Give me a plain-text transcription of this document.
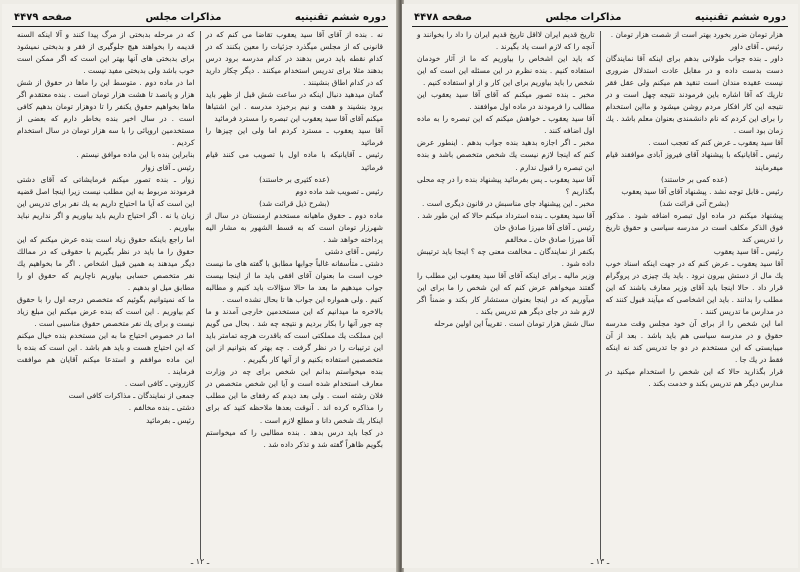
دوره ششم تقنينيه
مذاكرات مجلس
صفحه ۴۴۷۹

نه . بنده از آقای آقا سید يعقوب تقاضا می کنم كه در قانونی كه از مجلس ميگذرد جزئيات را معين بكنند كه در كدام نقطه بايد درس بدهند در كدام مدرسه برود درس بدهند مثلا برای تدريس استخدام ميكنند . ديگر چكار داريد كه در كدام اطاق بنشينند .

گمان ميدهيد دنبال اينكه در ساعت شش قبل از ظهر بايد برود بنشيند و هفت و نيم برخيزد مدرسه . اين اشتباها ميكنم آقای آقا سيد يعقوب اين تبصره را مسترد فرمائيد

آقا سيد يعقوب ـ مسترد كردم اما ولی اين چيزها را فرمائيد

رئيس ـ آقايانيكه با ماده اول با تصويب می كنند قيام فرمائيد

(عده كثيری بر خاستند)

رئيس ـ تصويب شد ماده دوم

(بشرح ذيل قرائت شد)

ماده دوم ـ حقوق ماهيانه مستخدم ارمنستان در سال از شهرزار تومان است كه به قسط الشهور به مشار اليه پرداخته خواهد شد .

رئيس ـ آقای دشتی

دشتی ـ متأسفانه غالباً جوابها مطابق با گفته های ما نيست خوب است ما بعنوان آقای افقی بايد ما از اينجا بيست جواب ميدهيم ما بعد ما حالا سؤالات بايد كنيم و مطالبه كنيم . ولی همواره اين جواب ها تا بحال نشده است .

بالاخره ما ميدانيم كه اين مستخدمين خارجی آمدند و ما چه جور آنها را بكار برديم و نتيجه چه شد . بحال می گويم اين مملكت يك مملكتی است كه باقدرت هرچه تمامتر بايد اين ترتيبات را در نظر گرفت . چه بهتر كه بتوانيم از اين متخصصين استفاده بكنيم و از آنها كار بگيريم .

بنده ميخواستم بدانم اين شخص برای چه در وزارت معارف استخدام شده است و آيا اين شخص متخصص در فلان رشته است . ولی بعد ديدم كه رفقای ما اين مطلب را مذاكره كرده اند . آنوقت بعدها ملاحظه كنيد كه برای اينكار يك شخص دانا و مطلع لازم است .

در كجا بايد درس بدهد . بنده مطالبی را كه ميخواستم بگويم ظاهراً گفته شد و تذكر داده شد .

كه در مرحله بدبختی از مرگ پيدا كنند و آلا اينكه السنه قديمه را بخواهند هيچ جلوگيری از فقر و بدبختی نميشود برای بدبختی های آنها بهتر اين است كه اگر ممكن است خوب باشد ولی بدبختی مفيد نيست .

اما در ماده دوم . متوسط اين را ماها در حقوق از شش هزار و پانصد تا هشت هزار تومان است . بنده معتقدم اگر ماها بخواهيم حقوق يكنفر را تا دوهزار تومان بدهيم كافی است . در سال اخير بنده بخاطر دارم كه بعضی از مستخدمين اروپائی را با سه هزار تومان در سال استخدام كرديم .

بنابراين بنده با اين ماده موافق نيستم .

رئيس ـ آقای زوار

زوار ـ بنده تصور ميكنم فرمايشاتی كه آقای دشتی فرمودند مربوط به اين مطلب نيست زيرا اينجا اصل قضيه اين است كه آيا ما احتياج داريم به يك نفر برای تدريس اين زبان يا نه . اگر احتياج داريم بايد بياوريم و اگر نداريم نبايد بياوريم .

اما راجع باينكه حقوق زياد است بنده عرض ميكنم كه اين حقوق را ما بايد در نظر بگيريم با حقوقی كه در ممالك ديگر ميدهند به همين قبيل اشخاص . اگر ما بخواهيم يك نفر متخصص حسابی بياوريم ناچاريم كه حقوق او را مطابق ميل او بدهيم .

ما كه نميتوانيم بگوئيم كه متخصص درجه اول را با حقوق كم بياوريم . اين است كه بنده عرض ميكنم اين مبلغ زياد نيست و برای يك نفر متخصص حقوق مناسبی است .

اما در خصوص احتياج ما به اين مستخدم بنده خيال ميكنم كه اين احتياج هست و بايد هم باشد . اين است كه بنده با اين ماده موافقم و استدعا ميكنم آقايان هم موافقت فرمايند .

كازروني ـ كافی است .

جمعی از نمايندگان ـ مذاكرات كافی است

دشتی ـ بنده مخالفم .

رئيس ـ بفرمائيد

ـ ١٢ ـ
دوره ششم تقنينيه
مذاكرات مجلس
صفحه ۴۴۷۸

هزار تومان ضرر بخورد بهتر است از شصت هزار تومان .

رئيس ـ آقای داور

داور ـ بنده جواب طولانی بدهم برای اينكه آقا نمايندگان دست بدست داده و در مقابل عادت استدلال ضروری نيست عقيده مندان است تنقيد هم ميكنم ولی عقل فقر تاريك كه آقا اشاره باين فرمودند نتيجه چهل است و در نتيجه اين كار افكار مردم روشن ميشود و مااين استخدام را برای اين كردم كه نام دانشمندی بعنوان معلم باشد . يك زمان بود است .

آقا سيد يعقوب ـ عرض كنم كه تعجب است .

رئيس ـ آقايانيكه با پيشنهاد آقای فيروز آبادی موافقند قيام ميفرمايند

(عده كمی بر خاستند)

رئيس ـ قابل توجه نشد . پيشنهاد آقای آقا سيد يعقوب

(بشرح آتی قرائت شد)

پيشنهاد ميكنم در ماده اول تبصره اضافه شود . مذكور فوق الذكر مكلف است در مدرسه سياسی و حقوق تاريخ را تدريس كند

رئيس ـ آقا سيد يعقوب

آقا سيد يعقوب ـ عرض كنم كه در جهت اينكه اسناد خوب يك مال از دستش بيرون نرود . بايد يك چيزی در پروگرام قرار داد . حالا اينجا بايد آقای وزير معارف باشند كه اين مطلب را بدانند . بايد اين اشخاصی كه ميآيند قبول كنند كه در مدارس ما تدريس كنند .

اما اين شخص را از برای آن خود مجلس وقت مدرسه حقوق و در مدرسه سياسی هم بايد باشد . بعد از آن ميبايستی كه اين مستخدم در دو جا تدريس كند نه اينكه فقط در يك جا .

قرار بگذاريد حالا كه اين شخص را استخدام ميكنيد در مدارس ديگر هم تدريس بكند و خدمت بكند .

تاريخ قديم ايران لااقل تاريخ قديم ايران را داد را بخوانند و آنچه را كه لازم است ياد بگيرند .

كه بايد اين اشخاص را بياوريم كه ما از آثار خودمان استفاده كنيم . بنده نظرم در اين مسئله اين است كه اين شخص را بايد بياوريم برای اين كار و از او استفاده كنيم .

مخبر ـ بنده تصور ميكنم كه آقای آقا سيد يعقوب اين مطالب را فرمودند در ماده اول موافقند .

آقا سيد يعقوب ـ خواهش ميكنم كه اين تبصره را به ماده اول اضافه كنند .

مخبر ـ اگر اجازه بدهيد بنده جواب بدهم . اينطور عرض كنم كه اينجا لازم نيست يك شخص متخصص باشد و بنده اين تبصره را قبول ندارم .

آقا سيد يعقوب ـ پس بفرمائيد پيشنهاد بنده را در چه محلی بگذاريم ؟

مخبر ـ اين پيشنهاد جای مناسبش در قانون ديگری است .

آقا سيد يعقوب ـ بنده استرداد ميكنم حالا كه اين طور شد .

رئيس ـ آقای آقا ميرزا صادق خان

آقا ميرزا صادق خان ـ مخالفم

بكنفر از نمايندگان ـ مخالفت معنی چه ؟ اينجا بايد ترتيبش داده شود .

وزير ماليه ـ برای اينكه آقای آقا سيد يعقوب اين مطلب را گفتند ميخواهم عرض كنم كه اين شخص را ما برای اين ميآوريم كه در اينجا بعنوان مستشار كار بكند و ضمناً اگر لازم شد در جای ديگر هم تدريس بكند .

سال شش هزار تومان است . تقريباً اين اولين مرحله

ـ ١٣ ـ
